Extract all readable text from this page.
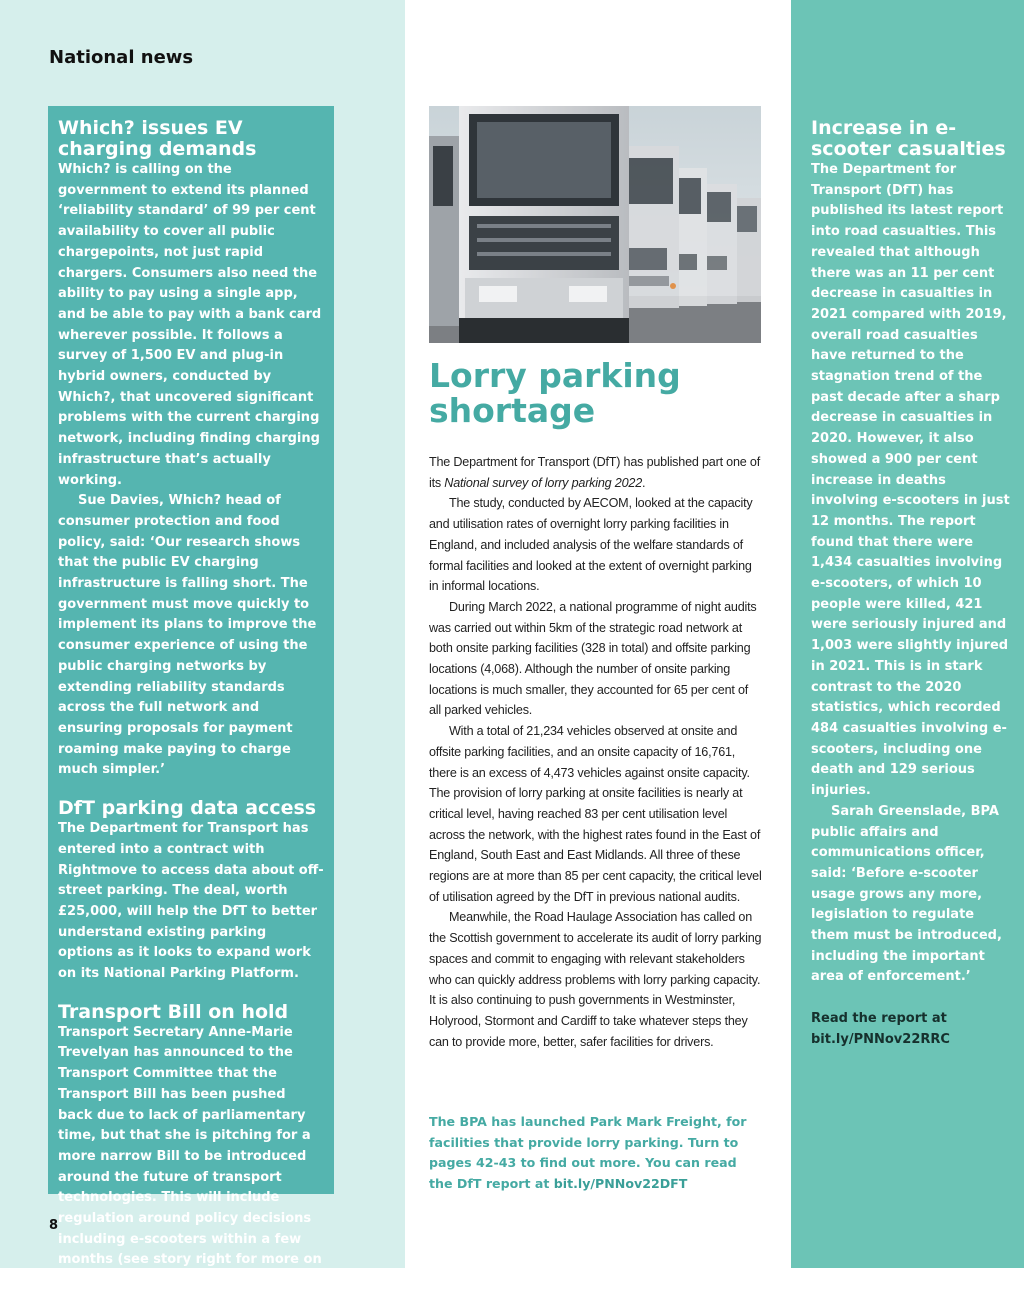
National news
Which? issues EV charging demands

Which? is calling on the government to extend its planned ‘reliability standard’ of 99 per cent availability to cover all public chargepoints, not just rapid chargers. Consumers also need the ability to pay using a single app, and be able to pay with a bank card wherever possible. It follows a survey of 1,500 EV and plug-in hybrid owners, conducted by Which?, that uncovered significant problems with the current charging network, including finding charging infrastructure that’s actually working.

Sue Davies, Which? head of consumer protection and food policy, said: ‘Our research shows that the public EV charging infrastructure is falling short. The government must move quickly to implement its plans to improve the consumer experience of using the public charging networks by extending reliability standards across the full network and ensuring proposals for payment roaming make paying to charge much simpler.’

DfT parking data access

The Department for Transport has entered into a contract with Rightmove to access data about off-street parking. The deal, worth £25,000, will help the DfT to better understand existing parking options as it looks to expand work on its National Parking Platform.

Transport Bill on hold

Transport Secretary Anne-Marie Trevelyan has announced to the Transport Committee that the Transport Bill has been pushed back due to lack of parliamentary time, but that she is pitching for a more narrow Bill to be introduced around the future of transport technologies. This will include regulation around policy decisions including e-scooters within a few months (see story right for more on e-scooters).

Lorry parking shortage

The Department for Transport (DfT) has published part one of its National survey of lorry parking 2022.

The study, conducted by AECOM, looked at the capacity and utilisation rates of overnight lorry parking facilities in England, and included analysis of the welfare standards of formal facilities and looked at the extent of overnight parking in informal locations.

During March 2022, a national programme of night audits was carried out within 5km of the strategic road network at both onsite parking facilities (328 in total) and offsite parking locations (4,068). Although the number of onsite parking locations is much smaller, they accounted for 65 per cent of all parked vehicles.

With a total of 21,234 vehicles observed at onsite and offsite parking facilities, and an onsite capacity of 16,761, there is an excess of 4,473 vehicles against onsite capacity. The provision of lorry parking at onsite facilities is nearly at critical level, having reached 83 per cent utilisation level across the network, with the highest rates found in the East of England, South East and East Midlands. All three of these regions are at more than 85 per cent capacity, the critical level of utilisation agreed by the DfT in previous national audits.

Meanwhile, the Road Haulage Association has called on the Scottish government to accelerate its audit of lorry parking spaces and commit to engaging with relevant stakeholders who can quickly address problems with lorry parking capacity. It is also continuing to push governments in Westminster, Holyrood, Stormont and Cardiff to take whatever steps they can to provide more, better, safer facilities for drivers.

The BPA has launched Park Mark Freight, for facilities that provide lorry parking. Turn to pages 42-43 to find out more. You can read the DfT report at bit.ly/PNNov22DFT

Increase in e-scooter casualties

The Department for Transport (DfT) has published its latest report into road casualties. This revealed that although there was an 11 per cent decrease in casualties in 2021 compared with 2019, overall road casualties have returned to the stagnation trend of the past decade after a sharp decrease in casualties in 2020. However, it also showed a 900 per cent increase in deaths involving e-scooters in just 12 months. The report found that there were 1,434 casualties involving e-scooters, of which 10 people were killed, 421 were seriously injured and 1,003 were slightly injured in 2021. This is in stark contrast to the 2020 statistics, which recorded 484 casualties involving e-scooters, including one death and 129 serious injuries.

Sarah Greenslade, BPA public affairs and communications officer, said: ‘Before e-scooter usage grows any more, legislation to regulate them must be introduced, including the important area of enforcement.’

Read the report at
bit.ly/PNNov22RRC

8
